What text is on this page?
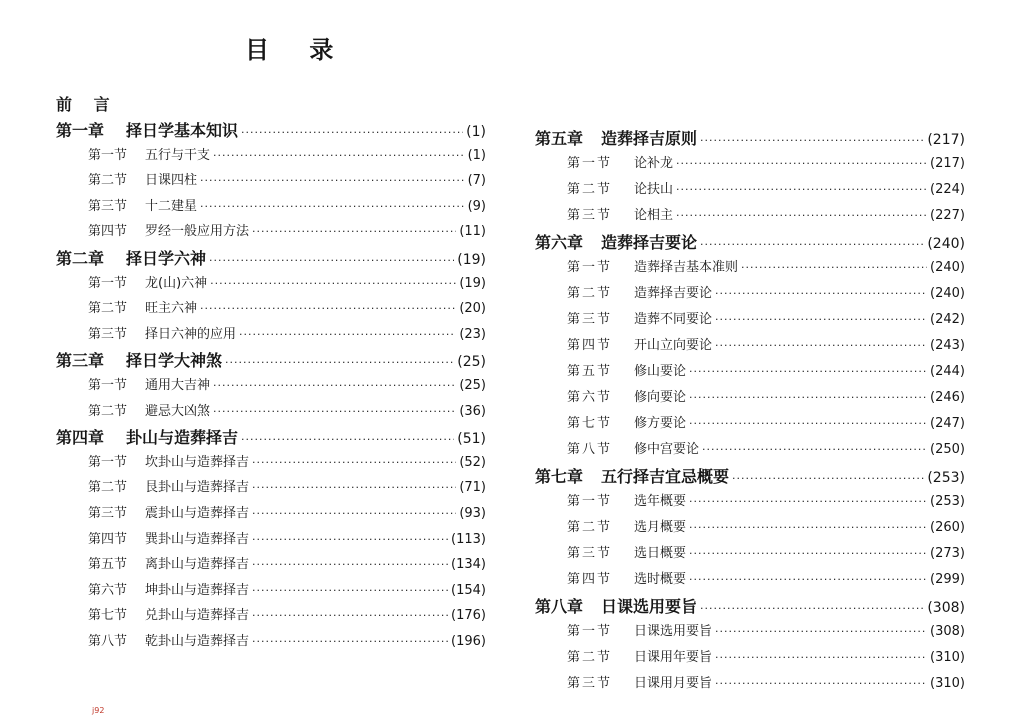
目 录
前 言
第一章 择日学基本知识 ·····	(1)
第一节 五行与干支 ·····	(1)
第二节 日课四柱 ·····	(7)
第三节 十二建星 ·····	(9)
第四节 罗经一般应用方法 ·····	(11)
第二章 择日学六神 ·····	(19)
第一节 龙(山)六神 ·····	(19)
第二节 旺主六神 ·····	(20)
第三节 择日六神的应用 ·····	(23)
第三章 择日学大神煞 ·····	(25)
第一节 通用大吉神 ·····	(25)
第二节 避忌大凶煞 ·····	(36)
第四章 卦山与造葬择吉 ·····	(51)
第一节 坎卦山与造葬择吉 ·····	(52)
第二节 艮卦山与造葬择吉 ·····	(71)
第三节 震卦山与造葬择吉 ·····	(93)
第四节 巽卦山与造葬择吉 ·····	(113)
第五节 离卦山与造葬择吉 ·····	(134)
第六节 坤卦山与造葬择吉 ·····	(154)
第七节 兑卦山与造葬择吉 ·····	(176)
第八节 乾卦山与造葬择吉 ·····	(196)
第五章 造葬择吉原则 ·····	(217)
第一节 论补龙 ·····	(217)
第二节 论扶山 ·····	(224)
第三节 论相主 ·····	(227)
第六章 造葬择吉要论 ·····	(240)
第一节 造葬择吉基本准则 ·····	(240)
第二节 造葬择吉要论 ·····	(240)
第三节 造葬不同要论 ·····	(242)
第四节 开山立向要论 ·····	(243)
第五节 修山要论 ·····	(244)
第六节 修向要论 ·····	(246)
第七节 修方要论 ·····	(247)
第八节 修中宫要论 ·····	(250)
第七章 五行择吉宜忌概要 ·····	(253)
第一节 选年概要 ·····	(253)
第二节 选月概要 ·····	(260)
第三节 选日概要 ·····	(273)
第四节 选时概要 ·····	(299)
第八章 日课选用要旨 ·····	(308)
第一节 日课选用要旨 ·····	(308)
第二节 日课用年要旨 ·····	(310)
第三节 日课用月要旨 ·····	(310)
j92
